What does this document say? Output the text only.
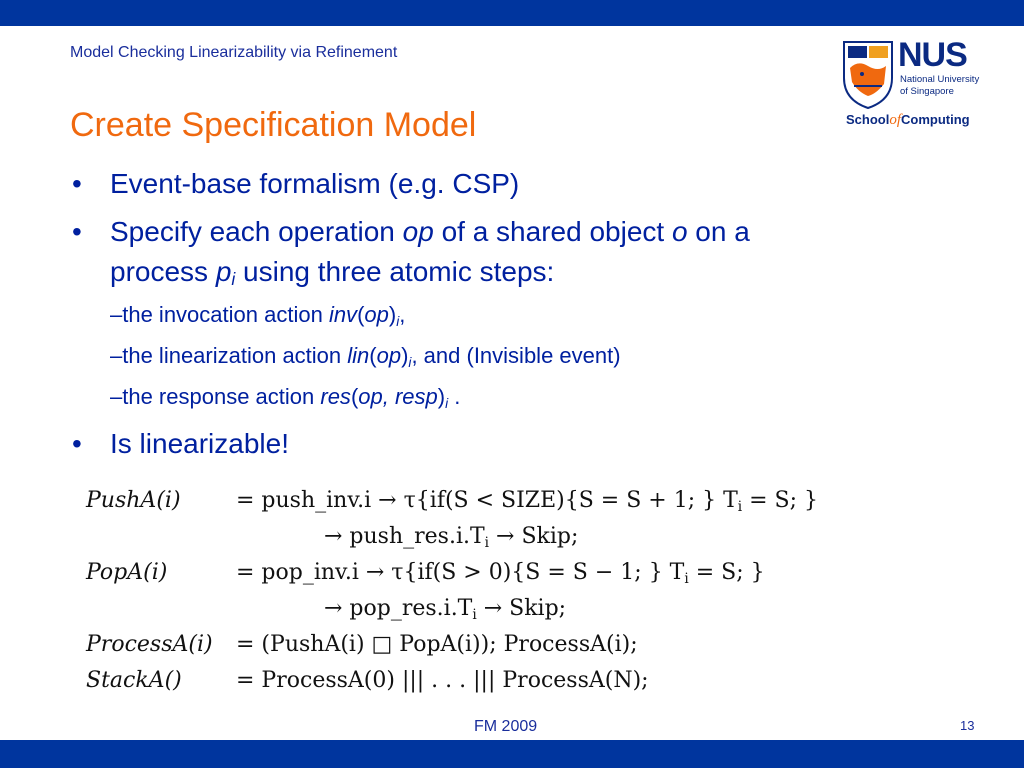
Model Checking Linearizability via Refinement	NUS
National University
of Singapore
SchoolofComputing
Create Specification Model
• Event-base formalism (e.g. CSP)
• Specify each operation op of a shared object o on a
process $p_i$ using three atomic steps:
–the invocation action $inv(op)_i$,
–the linearization action $lin(op)_i$, and (Invisible event)
–the response action res(op, $resp)_i$ .
• Is linearizable!
PushA(i)	= push_inv.i → τ{if(S < SIZE){S = S + 1; } $T_i = S$; }
→ $push\_res.i.T_i$ → Skip;
PopA(i)	= pop_inv.i → τ{if(S > 0){S = S − 1; } $T_i = S$; }
→ $pop\_res.i.T_i$ → Skip;
ProcessA(i) = (PushA(i) □ PopA(i)); ProcessA(i);
StackA() = ProcessA(0) ||| . . . ||| ProcessA(N);
FM 2009	13
